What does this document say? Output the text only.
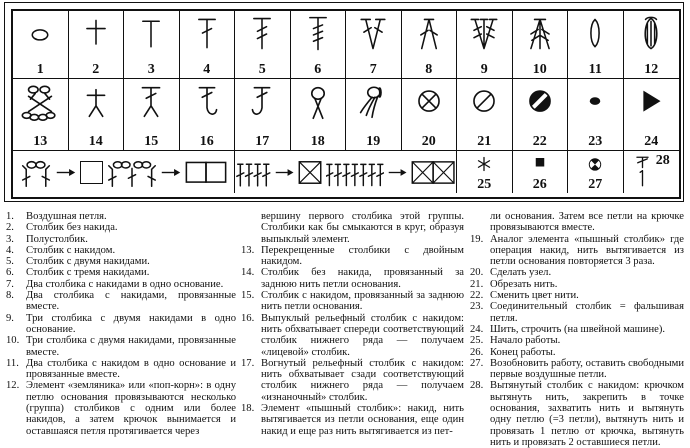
1	2	3	4	5	6	7	8	9	10	11	12
13	14	15	16	17	18	19	20	21	22	23	24
25	26	27
28
1. Воздушная петля.
2. Столбик без накида.
3. Полустолбик.
4. Столбик с накидом.
5. Столбик с двумя накидами.
6. Столбик с тремя накидами.
7. Два столбика с накидами в одно основание.
8. Два столбика с накидами, провязанные вместе.
9. Три столбика с двумя накидами в одно основание.
10. Три столбика с двумя накидами, провязанные вместе.
11. Два столбика с накидом в одно основание и провязанные вместе.
12. Элемент «земляника» или «поп-корн»: в одну петлю основания провязываются несколько (группа) столбиков с одним или более накидов, а затем крючок вынимается и оставшаяся петля протягивается через
вершину первого столбика этой группы. Столбики как бы смыкаются в круг, образуя выпыклый элемент.
13. Перекрещенные столбики с двойным накидом.
14. Столбик без накида, провязанный за заднюю нить петли основания.
15. Столбик с накидом, провязанный за заднюю нить петли основания.
16. Выпуклый рельефный столбик с накидом: нить обхватывает спереди соответствующий столбик нижнего ряда — получаем «лицевой» столбик.
17. Вогнутый рельефный столбик с накидом: нить обхватывает сзади соответствующий столбик нижнего ряда — получаем «изнаночный» столбик.
18. Элемент «пышный столбик»: накид, нить вытягивается из петли основания, еще один накид и еще раз нить вытягивается из пет-
ли основания. Затем все петли на крючке провязываются вместе.
19. Аналог элемента «пышный столбик» где операция накид, нить вытягивается из петли основания повторяется 3 раза.
20. Сделать узел.
21. Обрезать нить.
22. Сменить цвет нити.
23. Соединительный столбик = фальшивая петля.
24. Шить, строчить (на швейной машине).
25. Начало работы.
26. Конец работы.
27. Возобновить работу, оставить свободными первые воздушные петли.
28. Вытянутый столбик с накидом: крючком вытянуть нить, закрепить в точке основания, захватить нить и вытянуть одну петлю (=3 петли), вытянуть нить и провязать 1 петлю от крючка, вытянуть нить и провязать 2 оставшиеся петли.
